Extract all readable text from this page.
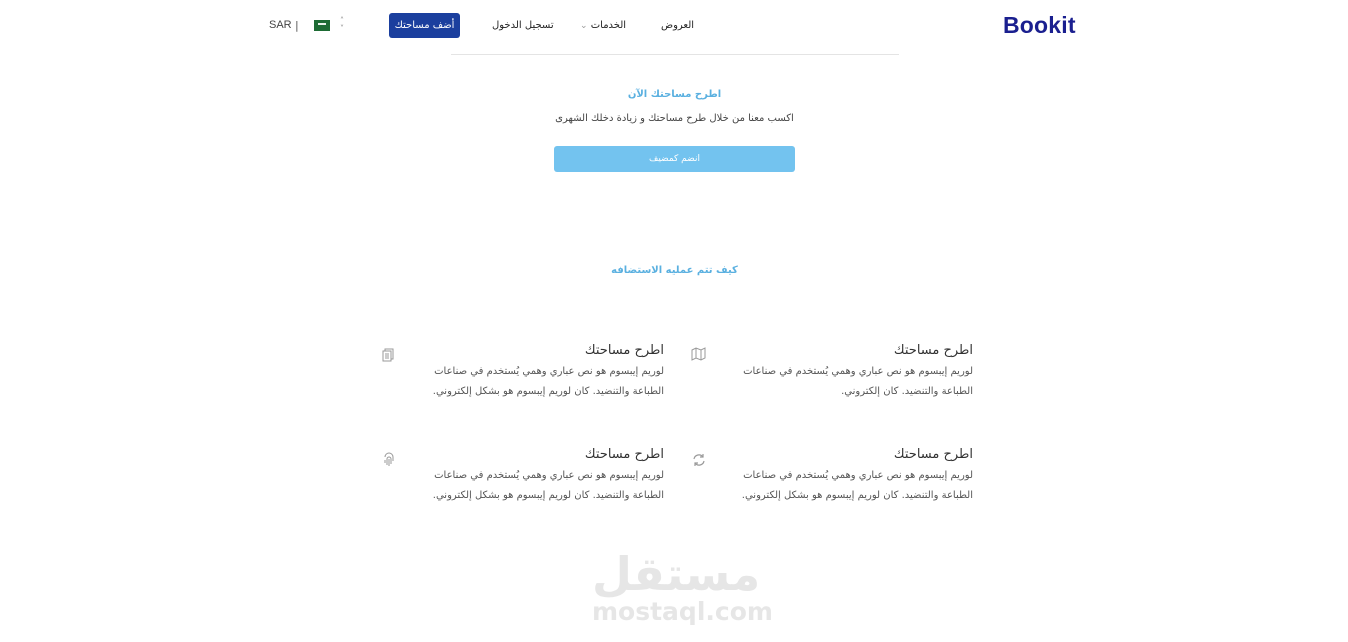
Bookit
العروض
⌄ الخدمات
تسجيل الدخول
أضف مساحتك
˄
˅
|
SAR
اطرح مساحتك الآن
اكسب معنا من خلال طرح مساحتك و زيادة دخلك الشهرى
انضم كمضيف
كيف تتم عمليه الاستضافه
اطرح مساحتك
لوريم إيبسوم هو نص عباري وهمي يُستخدم في صناعات
الطباعة والتنضيد. كان إلكتروني.
اطرح مساحتك
لوريم إيبسوم هو نص عباري وهمي يُستخدم في صناعات
الطباعة والتنضيد. كان لوريم إيبسوم هو بشكل إلكتروني.
اطرح مساحتك
لوريم إيبسوم هو نص عباري وهمي يُستخدم في صناعات
الطباعة والتنضيد. كان لوريم إيبسوم هو بشكل إلكتروني.
اطرح مساحتك
لوريم إيبسوم هو نص عباري وهمي يُستخدم في صناعات
الطباعة والتنضيد. كان لوريم إيبسوم هو بشكل إلكتروني.
مستقل
mostaql.com
